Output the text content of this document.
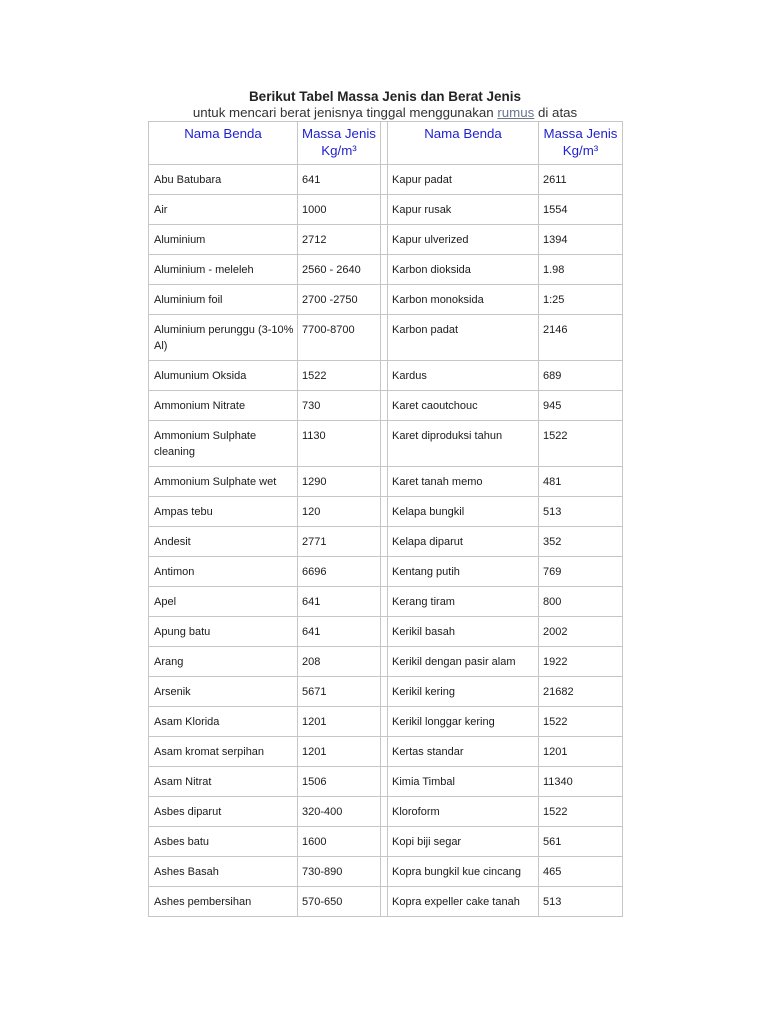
Berikut Tabel Massa Jenis dan Berat Jenis
untuk mencari berat jenisnya tinggal menggunakan rumus di atas
Nama Benda	Massa Jenis
Kg/m³		Nama Benda	Massa Jenis
Kg/m³

Abu Batubara	641		Kapur padat	2611
Air	1000		Kapur rusak	1554
Aluminium	2712		Kapur ulverized	1394
Aluminium - meleleh	2560 - 2640		Karbon dioksida	1.98
Aluminium foil	2700 -2750		Karbon monoksida	1:25
Aluminium perunggu (3-10% Al)	7700-8700		Karbon padat	2146
Alumunium Oksida	1522		Kardus	689
Ammonium Nitrate	730		Karet caoutchouc	945
Ammonium Sulphate cleaning	1130		Karet diproduksi tahun	1522
Ammonium Sulphate wet	1290		Karet tanah memo	481
Ampas tebu	120		Kelapa bungkil	513
Andesit	2771		Kelapa diparut	352
Antimon	6696		Kentang putih	769
Apel	641		Kerang tiram	800
Apung batu	641		Kerikil basah	2002
Arang	208		Kerikil dengan pasir alam	1922
Arsenik	5671		Kerikil kering	21682
Asam Klorida	1201		Kerikil longgar kering	1522
Asam kromat serpihan	1201		Kertas standar	1201
Asam Nitrat	1506		Kimia Timbal	11340
Asbes diparut	320-400		Kloroform	1522
Asbes batu	1600		Kopi biji segar	561
Ashes Basah	730-890		Kopra bungkil kue cincang	465
Ashes pembersihan	570-650		Kopra expeller cake tanah	513
